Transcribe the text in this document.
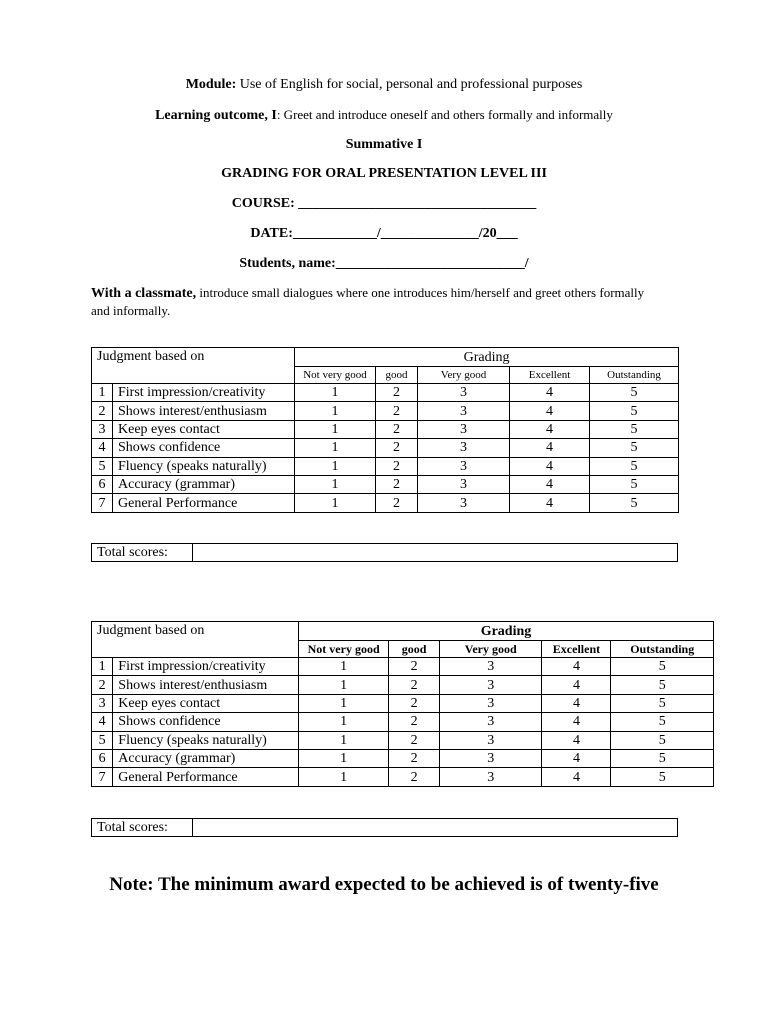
Module: Use of English for social, personal and professional purposes
Learning outcome, I: Greet and introduce oneself and others formally and informally
Summative I
GRADING FOR ORAL PRESENTATION LEVEL III
COURSE: __________________________________
DATE:____________/______________/20___
Students, name:___________________________/
With a classmate, introduce small dialogues where one introduces him/herself and greet others formally and informally.
Judgment based on		Grading				
		Not very good	good	Very good	Excellent	Outstanding
1	First impression/creativity	1	2	3	4	5
2	Shows interest/enthusiasm	1	2	3	4	5
3	Keep eyes contact	1	2	3	4	5
4	Shows confidence	1	2	3	4	5
5	Fluency (speaks naturally)	1	2	3	4	5
6	Accuracy (grammar)	1	2	3	4	5
7	General Performance	1	2	3	4	5
Total scores:	
Judgment based on		Grading				
		Not very good	good	Very good	Excellent	Outstanding
1	First impression/creativity	1	2	3	4	5
2	Shows interest/enthusiasm	1	2	3	4	5
3	Keep eyes contact	1	2	3	4	5
4	Shows confidence	1	2	3	4	5
5	Fluency (speaks naturally)	1	2	3	4	5
6	Accuracy (grammar)	1	2	3	4	5
7	General Performance	1	2	3	4	5
Total scores:	
Note: The minimum award expected to be achieved is of twenty-five
